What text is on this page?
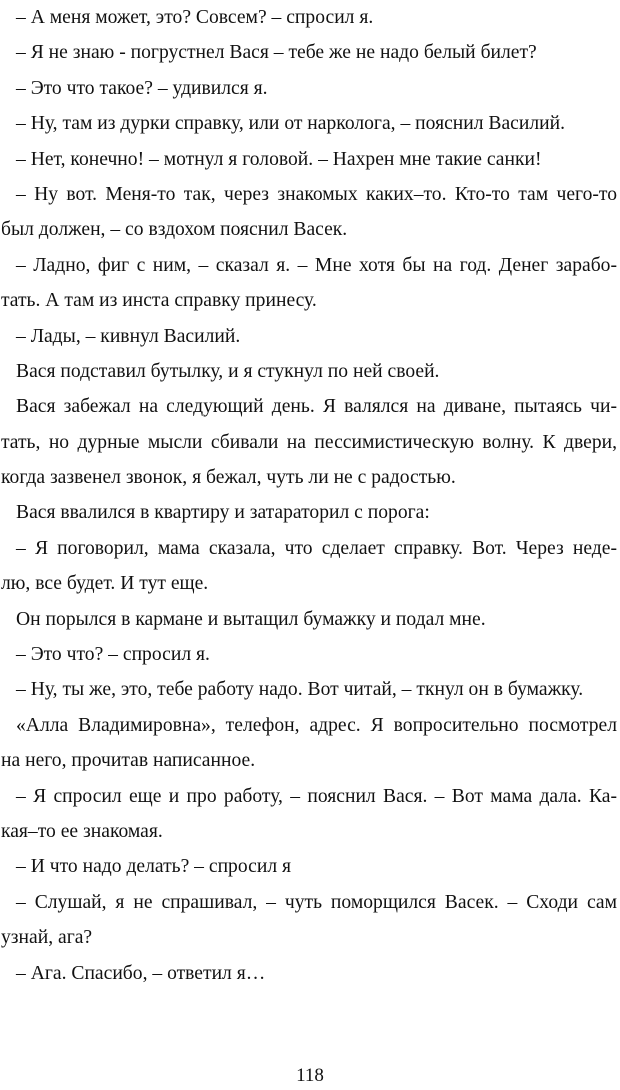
– А меня может, это? Совсем? – спросил я.
– Я не знаю - погрустнел Вася – тебе же не надо белый билет?
– Это что такое? – удивился я.
– Ну, там из дурки справку, или от нарколога, – пояснил Василий.
– Нет, конечно! – мотнул я головой. – Нахрен мне такие санки!
– Ну вот. Меня-то так, через знакомых каких–то. Кто-то там чего-то
был должен, – со вздохом пояснил Васек.
– Ладно, фиг с ним, – сказал я. – Мне хотя бы на год. Денег зарабо-
тать. А там из инста справку принесу.
– Лады, – кивнул Василий.
Вася подставил бутылку, и я стукнул по ней своей.
Вася забежал на следующий день. Я валялся на диване, пытаясь чи-
тать, но дурные мысли сбивали на пессимистическую волну. К двери,
когда зазвенел звонок, я бежал, чуть ли не с радостью.
Вася ввалился в квартиру и затараторил с порога:
– Я поговорил, мама сказала, что сделает справку. Вот. Через неде-
лю, все будет. И тут еще.
Он порылся в кармане и вытащил бумажку и подал мне.
– Это что? – спросил я.
– Ну, ты же, это, тебе работу надо. Вот читай, – ткнул он в бумажку.
«Алла Владимировна», телефон, адрес. Я вопросительно посмотрел
на него, прочитав написанное.
– Я спросил еще и про работу, – пояснил Вася. – Вот мама дала. Ка-
кая–то ее знакомая.
– И что надо делать? – спросил я
– Слушай, я не спрашивал, – чуть поморщился Васек. – Сходи сам
узнай, ага?
– Ага. Спасибо, – ответил я…
118
